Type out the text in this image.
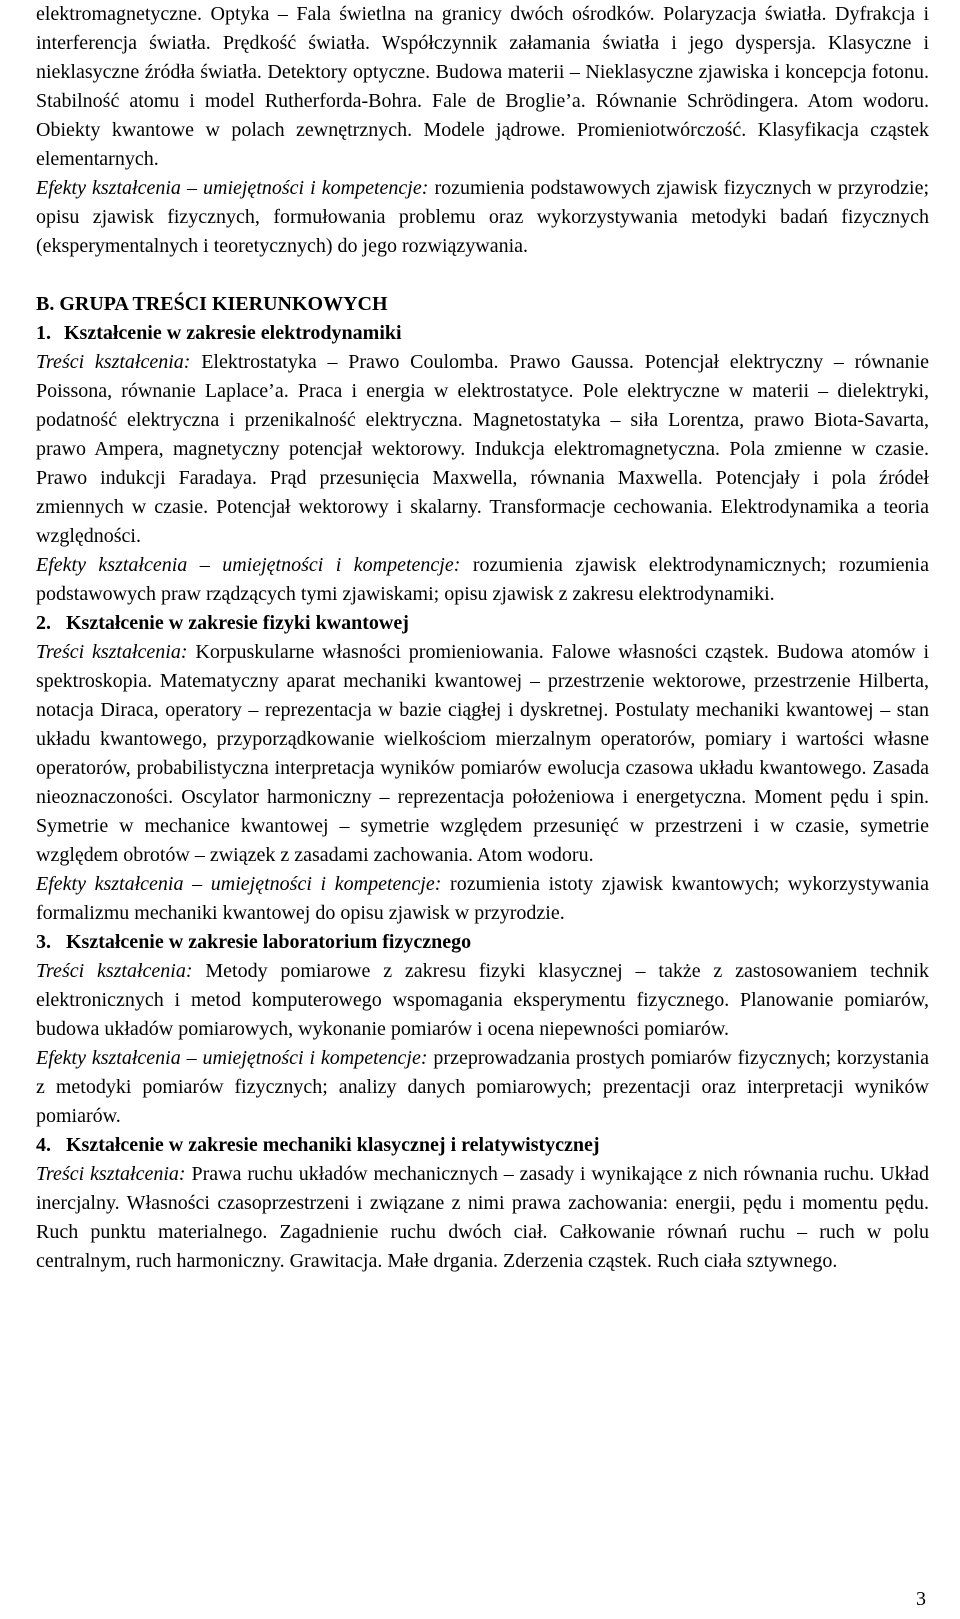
elektromagnetyczne. Optyka – Fala świetlna na granicy dwóch ośrodków. Polaryzacja światła. Dyfrakcja i interferencja światła. Prędkość światła. Współczynnik załamania światła i jego dyspersja. Klasyczne i nieklasyczne źródła światła. Detektory optyczne. Budowa materii – Nieklasyczne zjawiska i koncepcja fotonu. Stabilność atomu i model Rutherforda-Bohra. Fale de Broglie’a. Równanie Schrödingera. Atom wodoru. Obiekty kwantowe w polach zewnętrznych. Modele jądrowe. Promieniotwórczość. Klasyfikacja cząstek elementarnych.

Efekty kształcenia – umiejętności i kompetencje: rozumienia podstawowych zjawisk fizycznych w przyrodzie; opisu zjawisk fizycznych, formułowania problemu oraz wykorzystywania metodyki badań fizycznych (eksperymentalnych i teoretycznych) do jego rozwiązywania.

B. GRUPA TREŚCI KIERUNKOWYCH

1. Kształcenie w zakresie elektrodynamiki

Treści kształcenia: Elektrostatyka – Prawo Coulomba. Prawo Gaussa. Potencjał elektryczny – równanie Poissona, równanie Laplace’a. Praca i energia w elektrostatyce. Pole elektryczne w materii – dielektryki, podatność elektryczna i przenikalność elektryczna. Magnetostatyka – siła Lorentza, prawo Biota-Savarta, prawo Ampera, magnetyczny potencjał wektorowy. Indukcja elektromagnetyczna. Pola zmienne w czasie. Prawo indukcji Faradaya. Prąd przesunięcia Maxwella, równania Maxwella. Potencjały i pola źródeł zmiennych w czasie. Potencjał wektorowy i skalarny. Transformacje cechowania. Elektrodynamika a teoria względności.

Efekty kształcenia – umiejętności i kompetencje: rozumienia zjawisk elektrodynamicznych; rozumienia podstawowych praw rządzących tymi zjawiskami; opisu zjawisk z zakresu elektrodynamiki.

2. Kształcenie w zakresie fizyki kwantowej

Treści kształcenia: Korpuskularne własności promieniowania. Falowe własności cząstek. Budowa atomów i spektroskopia. Matematyczny aparat mechaniki kwantowej – przestrzenie wektorowe, przestrzenie Hilberta, notacja Diraca, operatory – reprezentacja w bazie ciągłej i dyskretnej. Postulaty mechaniki kwantowej – stan układu kwantowego, przyporządkowanie wielkościom mierzalnym operatorów, pomiary i wartości własne operatorów, probabilistyczna interpretacja wyników pomiarów ewolucja czasowa układu kwantowego. Zasada nieoznaczoności. Oscylator harmoniczny – reprezentacja położeniowa i energetyczna. Moment pędu i spin. Symetrie w mechanice kwantowej – symetrie względem przesunięć w przestrzeni i w czasie, symetrie względem obrotów – związek z zasadami zachowania. Atom wodoru.

Efekty kształcenia – umiejętności i kompetencje: rozumienia istoty zjawisk kwantowych; wykorzystywania formalizmu mechaniki kwantowej do opisu zjawisk w przyrodzie.

3. Kształcenie w zakresie laboratorium fizycznego

Treści kształcenia: Metody pomiarowe z zakresu fizyki klasycznej – także z zastosowaniem technik elektronicznych i metod komputerowego wspomagania eksperymentu fizycznego. Planowanie pomiarów, budowa układów pomiarowych, wykonanie pomiarów i ocena niepewności pomiarów.

Efekty kształcenia – umiejętności i kompetencje: przeprowadzania prostych pomiarów fizycznych; korzystania z metodyki pomiarów fizycznych; analizy danych pomiarowych; prezentacji oraz interpretacji wyników pomiarów.

4. Kształcenie w zakresie mechaniki klasycznej i relatywistycznej

Treści kształcenia: Prawa ruchu układów mechanicznych – zasady i wynikające z nich równania ruchu. Układ inercjalny. Własności czasoprzestrzeni i związane z nimi prawa zachowania: energii, pędu i momentu pędu. Ruch punktu materialnego. Zagadnienie ruchu dwóch ciał. Całkowanie równań ruchu – ruch w polu centralnym, ruch harmoniczny. Grawitacja. Małe drgania. Zderzenia cząstek. Ruch ciała sztywnego.

3
